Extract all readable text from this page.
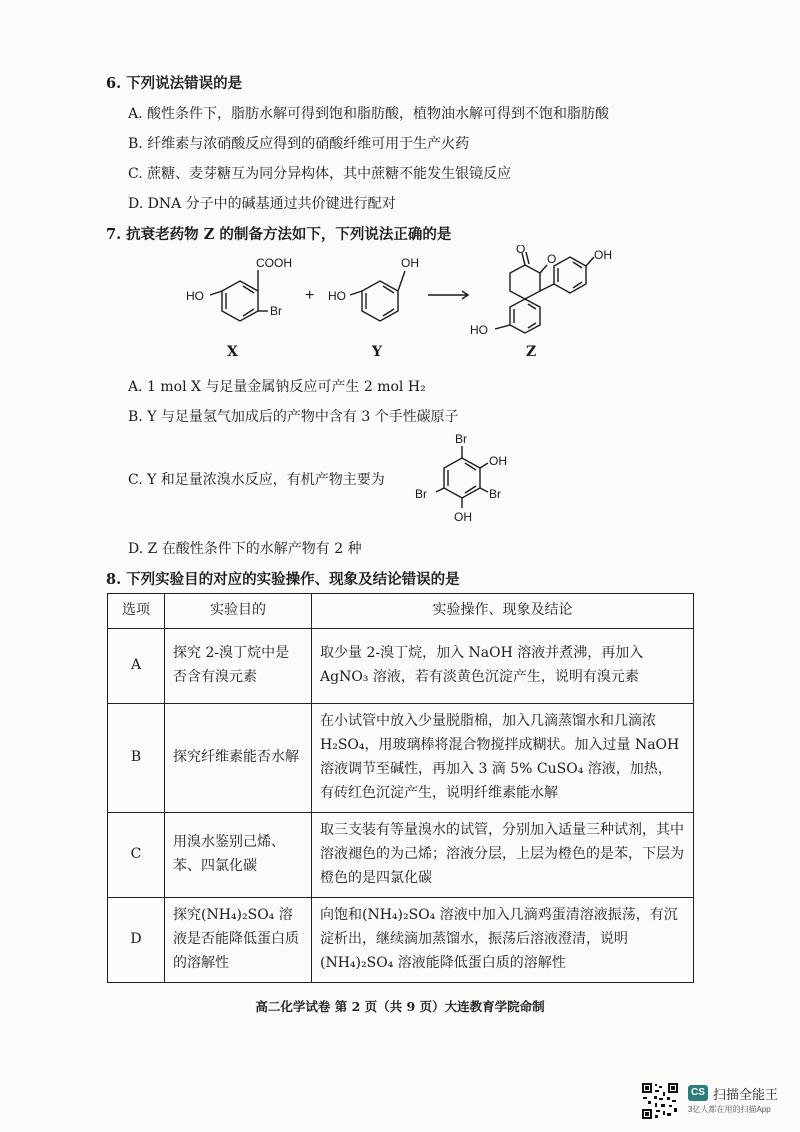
6. 下列说法错误的是
A. 酸性条件下，脂肪水解可得到饱和脂肪酸，植物油水解可得到不饱和脂肪酸
B. 纤维素与浓硝酸反应得到的硝酸纤维可用于生产火药
C. 蔗糖、麦芽糖互为同分异构体，其中蔗糖不能发生银镜反应
D. DNA 分子中的碱基通过共价键进行配对
7. 抗衰老药物 Z 的制备方法如下，下列说法正确的是
COOH
HO
Br
+
OH
HO
O
O	OH
HO
X	Y	Z
A. 1 mol X 与足量金属钠反应可产生 2 mol H₂
B. Y 与足量氢气加成后的产物中含有 3 个手性碳原子
C. Y 和足量浓溴水反应，有机产物主要为
Br
OH
Br	Br
OH
D. Z 在酸性条件下的水解产物有 2 种
8. 下列实验目的对应的实验操作、现象及结论错误的是
选项	实验目的	实验操作、现象及结论
A	探究 2-溴丁烷中是否含有溴元素	取少量 2-溴丁烷，加入 NaOH 溶液并煮沸，再加入 AgNO₃ 溶液，若有淡黄色沉淀产生，说明有溴元素
B	探究纤维素能否水解	在小试管中放入少量脱脂棉，加入几滴蒸馏水和几滴浓 H₂SO₄，用玻璃棒将混合物搅拌成糊状。加入过量 NaOH 溶液调节至碱性，再加入 3 滴 5% CuSO₄ 溶液，加热，有砖红色沉淀产生，说明纤维素能水解
C	用溴水鉴别己烯、苯、四氯化碳	取三支装有等量溴水的试管，分别加入适量三种试剂，其中溶液褪色的为己烯；溶液分层，上层为橙色的是苯，下层为橙色的是四氯化碳
D	探究(NH₄)₂SO₄ 溶液是否能降低蛋白质的溶解性	向饱和(NH₄)₂SO₄ 溶液中加入几滴鸡蛋清溶液振荡，有沉淀析出，继续滴加蒸馏水，振荡后溶液澄清，说明(NH₄)₂SO₄ 溶液能降低蛋白质的溶解性
高二化学试卷 第 2 页（共 9 页）大连教育学院命制
CS 扫描全能王
3亿人都在用的扫描App
